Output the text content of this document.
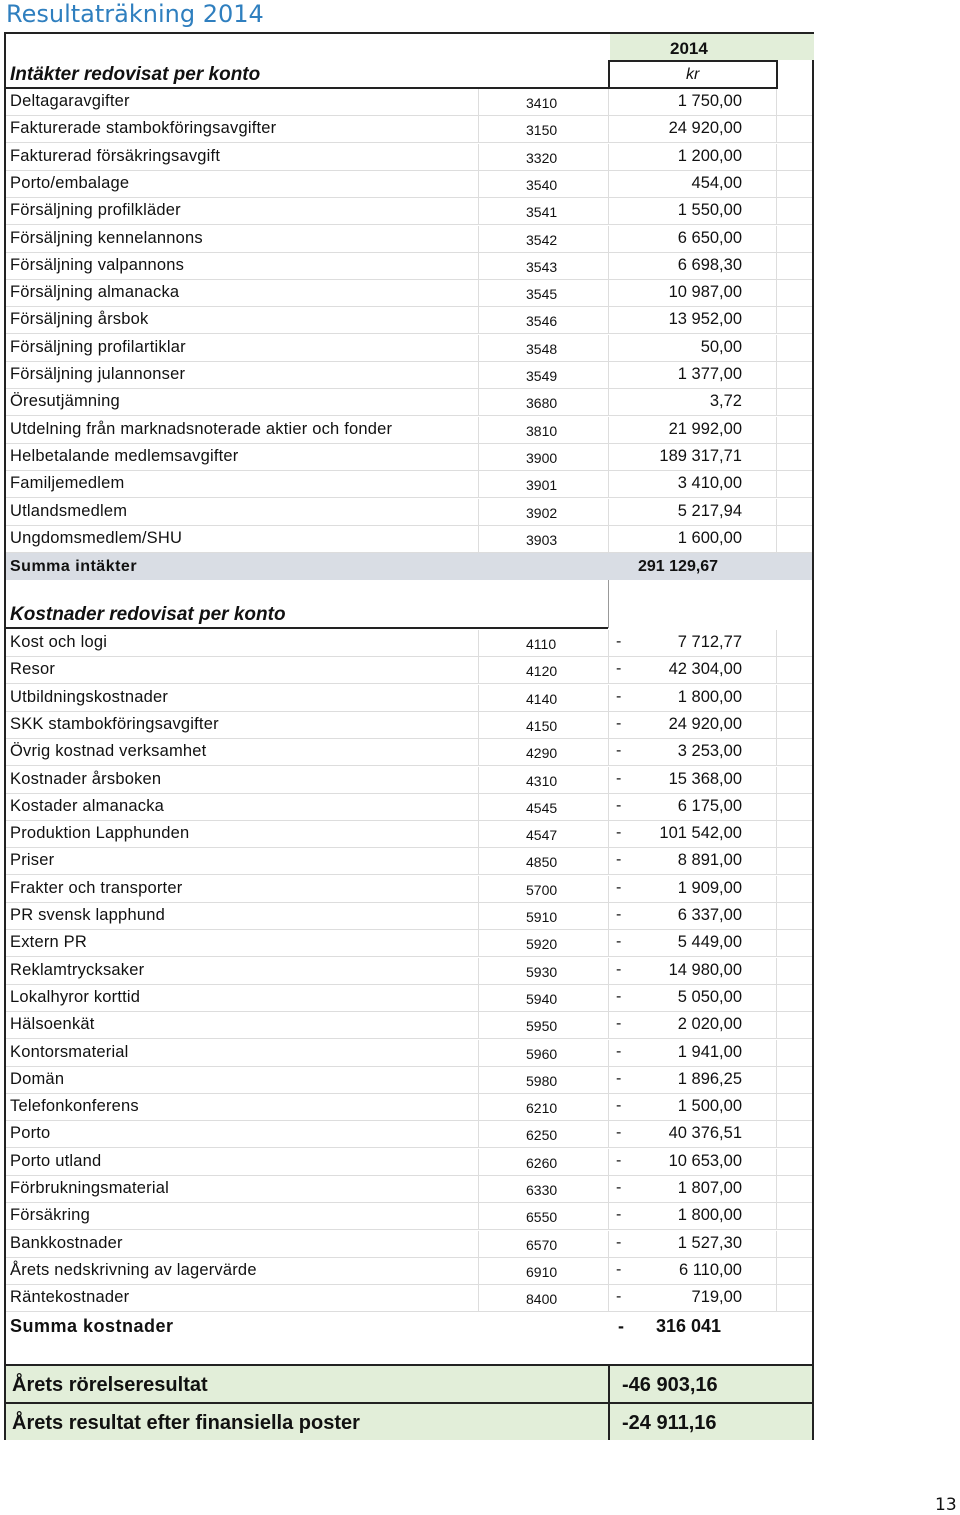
Resultaträkning 2014
2014
kr
Intäkter redovisat per konto
Deltagaravgifter	3410	1 750,00
Fakturerade stambokföringsavgifter	3150	24 920,00
Fakturerad försäkringsavgift	3320	1 200,00
Porto/embalage	3540	454,00
Försäljning profilkläder	3541	1 550,00
Försäljning kennelannons	3542	6 650,00
Försäljning valpannons	3543	6 698,30
Försäljning almanacka	3545	10 987,00
Försäljning årsbok	3546	13 952,00
Försäljning profilartiklar	3548	50,00
Försäljning julannonser	3549	1 377,00
Öresutjämning	3680	3,72
Utdelning från marknadsnoterade aktier och fonder	3810	21 992,00
Helbetalande medlemsavgifter	3900	189 317,71
Familjemedlem	3901	3 410,00
Utlandsmedlem	3902	5 217,94
Ungdomsmedlem/SHU	3903	1 600,00
Summa intäkter	291 129,67
Kostnader redovisat per konto
Kost och logi	4110	-	7 712,77
Resor	4120	-	42 304,00
Utbildningskostnader	4140	-	1 800,00
SKK stambokföringsavgifter	4150	-	24 920,00
Övrig kostnad verksamhet	4290	-	3 253,00
Kostnader årsboken	4310	-	15 368,00
Kostader almanacka	4545	-	6 175,00
Produktion Lapphunden	4547	- 101 542,00
Priser	4850	-	8 891,00
Frakter och transporter	5700	-	1 909,00
PR svensk lapphund	5910	-	6 337,00
Extern PR	5920	-	5 449,00
Reklamtrycksaker	5930	-	14 980,00
Lokalhyror korttid	5940	-	5 050,00
Hälsoenkät	5950	-	2 020,00
Kontorsmaterial	5960	-	1 941,00
Domän	5980	-	1 896,25
Telefonkonferens	6210	-	1 500,00
Porto	6250	-	40 376,51
Porto utland	6260	-	10 653,00
Förbrukningsmaterial	6330	-	1 807,00
Försäkring	6550	-	1 800,00
Bankkostnader	6570	-	1 527,30
Årets nedskrivning av lagervärde	6910	-	6 110,00
Räntekostnader	8400	-	719,00
Summa kostnader	- 316 041
Årets rörelseresultat	-46 903,16
Årets resultat efter finansiella poster	-24 911,16
13
